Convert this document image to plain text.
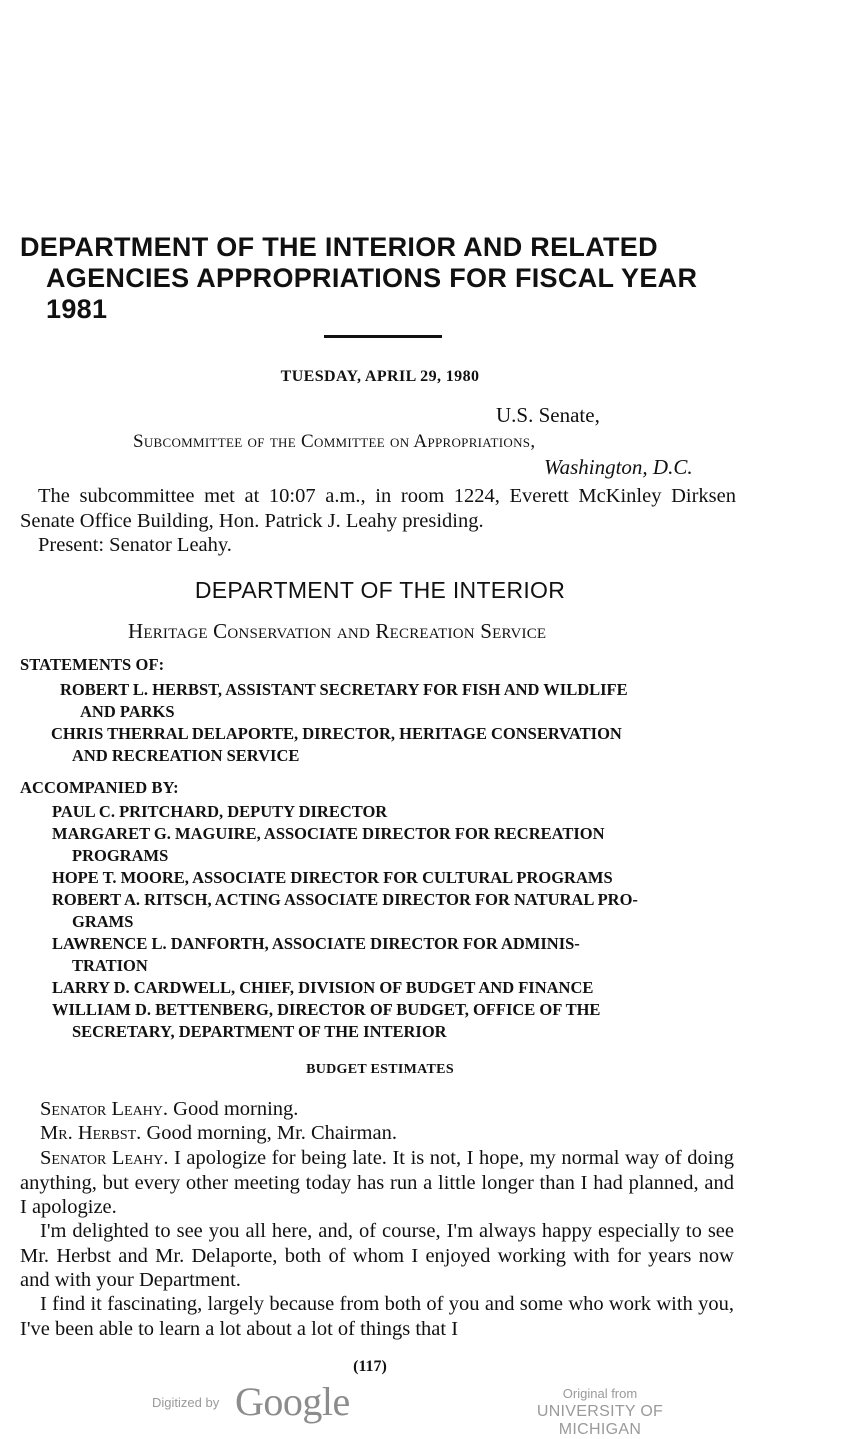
DEPARTMENT OF THE INTERIOR AND RELATED
AGENCIES APPROPRIATIONS FOR FISCAL YEAR
1981
TUESDAY, APRIL 29, 1980
U.S. Senate,
Subcommittee of the Committee on Appropriations,
Washington, D.C.
The subcommittee met at 10:07 a.m., in room 1224, Everett McKinley Dirksen Senate Office Building, Hon. Patrick J. Leahy presiding.
Present: Senator Leahy.
DEPARTMENT OF THE INTERIOR
Heritage Conservation and Recreation Service
STATEMENTS OF:
ROBERT L. HERBST, ASSISTANT SECRETARY FOR FISH AND WILDLIFE
AND PARKS
CHRIS THERRAL DELAPORTE, DIRECTOR, HERITAGE CONSERVATION
AND RECREATION SERVICE
ACCOMPANIED BY:
PAUL C. PRITCHARD, DEPUTY DIRECTOR
MARGARET G. MAGUIRE, ASSOCIATE DIRECTOR FOR RECREATION
PROGRAMS
HOPE T. MOORE, ASSOCIATE DIRECTOR FOR CULTURAL PROGRAMS
ROBERT A. RITSCH, ACTING ASSOCIATE DIRECTOR FOR NATURAL PRO-
GRAMS
LAWRENCE L. DANFORTH, ASSOCIATE DIRECTOR FOR ADMINIS-
TRATION
LARRY D. CARDWELL, CHIEF, DIVISION OF BUDGET AND FINANCE
WILLIAM D. BETTENBERG, DIRECTOR OF BUDGET, OFFICE OF THE
SECRETARY, DEPARTMENT OF THE INTERIOR
BUDGET ESTIMATES
Senator Leahy. Good morning.
Mr. Herbst. Good morning, Mr. Chairman.
Senator Leahy. I apologize for being late. It is not, I hope, my normal way of doing anything, but every other meeting today has run a little longer than I had planned, and I apologize.
I'm delighted to see you all here, and, of course, I'm always happy especially to see Mr. Herbst and Mr. Delaporte, both of whom I enjoyed working with for years now and with your Department.
I find it fascinating, largely because from both of you and some who work with you, I've been able to learn a lot about a lot of things that I
(117)
Digitized by Google	Original from
UNIVERSITY OF MICHIGAN
